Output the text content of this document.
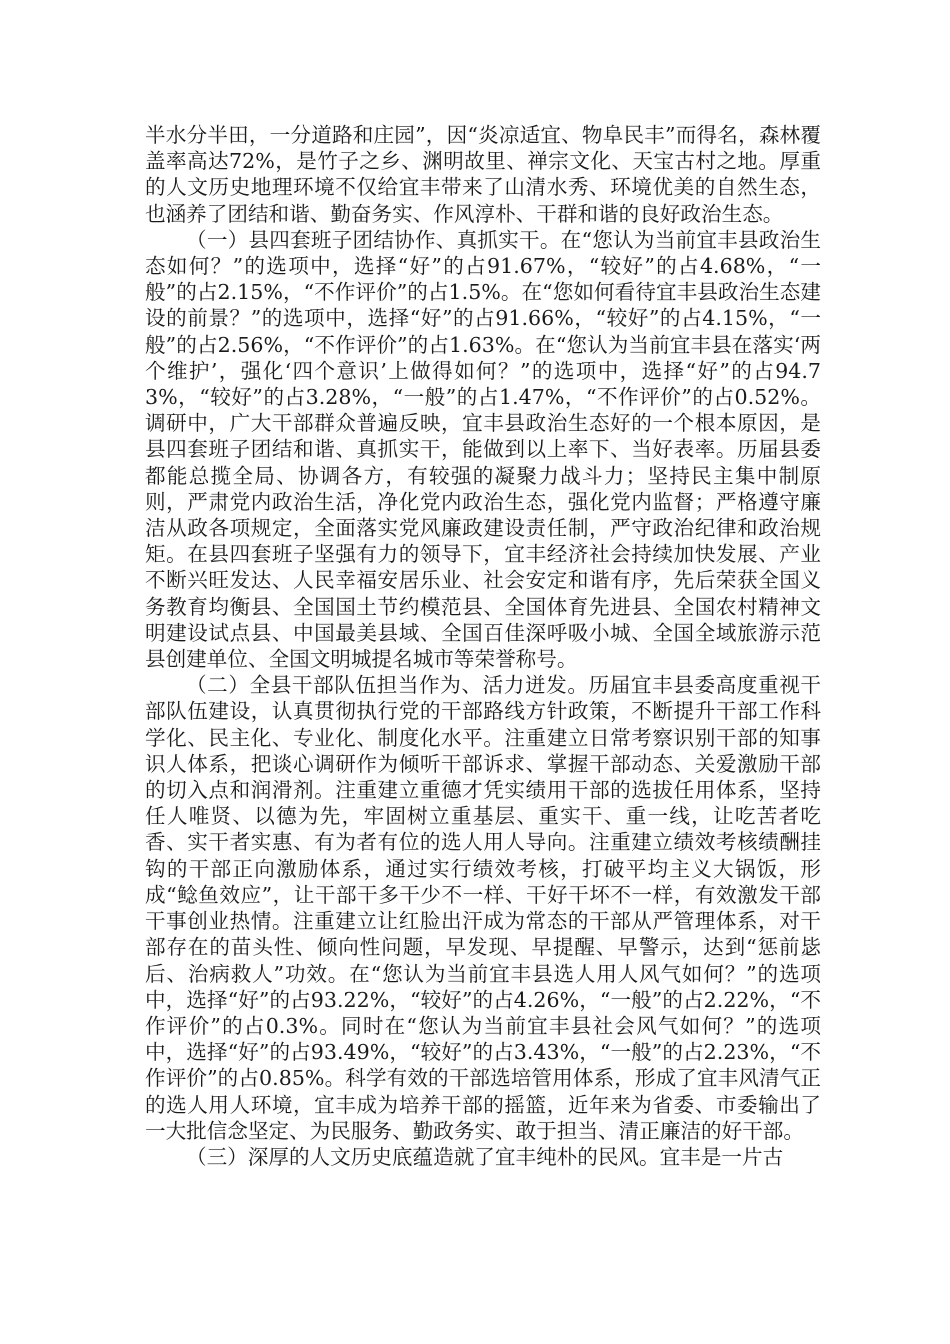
半水分半田，一分道路和庄园”，因“炎凉适宜、物阜民丰”而得名，森林覆盖率高达72%，是竹子之乡、渊明故里、禅宗文化、天宝古村之地。厚重的人文历史地理环境不仅给宜丰带来了山清水秀、环境优美的自然生态，也涵养了团结和谐、勤奋务实、作风淳朴、干群和谐的良好政治生态。

（一）县四套班子团结协作、真抓实干。在“您认为当前宜丰县政治生态如何？”的选项中，选择“好”的占91.67%，“较好”的占4.68%，“一般”的占2.15%，“不作评价”的占1.5%。在“您如何看待宜丰县政治生态建设的前景？”的选项中，选择“好”的占91.66%，“较好”的占4.15%，“一般”的占2.56%，“不作评价”的占1.63%。在“您认为当前宜丰县在落实‘两个维护’，强化‘四个意识’上做得如何？”的选项中，选择“好”的占94.73%，“较好”的占3.28%，“一般”的占1.47%，“不作评价”的占0.52%。调研中，广大干部群众普遍反映，宜丰县政治生态好的一个根本原因，是县四套班子团结和谐、真抓实干，能做到以上率下、当好表率。历届县委都能总揽全局、协调各方，有较强的凝聚力战斗力；坚持民主集中制原则，严肃党内政治生活，净化党内政治生态，强化党内监督；严格遵守廉洁从政各项规定，全面落实党风廉政建设责任制，严守政治纪律和政治规矩。在县四套班子坚强有力的领导下，宜丰经济社会持续加快发展、产业不断兴旺发达、人民幸福安居乐业、社会安定和谐有序，先后荣获全国义务教育均衡县、全国国土节约模范县、全国体育先进县、全国农村精神文明建设试点县、中国最美县域、全国百佳深呼吸小城、全国全域旅游示范县创建单位、全国文明城提名城市等荣誉称号。

（二）全县干部队伍担当作为、活力迸发。历届宜丰县委高度重视干部队伍建设，认真贯彻执行党的干部路线方针政策，不断提升干部工作科学化、民主化、专业化、制度化水平。注重建立日常考察识别干部的知事识人体系，把谈心调研作为倾听干部诉求、掌握干部动态、关爱激励干部的切入点和润滑剂。注重建立重德才凭实绩用干部的选拔任用体系，坚持任人唯贤、以德为先，牢固树立重基层、重实干、重一线，让吃苦者吃香、实干者实惠、有为者有位的选人用人导向。注重建立绩效考核绩酬挂钩的干部正向激励体系，通过实行绩效考核，打破平均主义大锅饭，形成“鲶鱼效应”，让干部干多干少不一样、干好干坏不一样，有效激发干部干事创业热情。注重建立让红脸出汗成为常态的干部从严管理体系，对干部存在的苗头性、倾向性问题，早发现、早提醒、早警示，达到“惩前毖后、治病救人”功效。在“您认为当前宜丰县选人用人风气如何？”的选项中，选择“好”的占93.22%，“较好”的占4.26%，“一般”的占2.22%，“不作评价”的占0.3%。同时在“您认为当前宜丰县社会风气如何？”的选项中，选择“好”的占93.49%，“较好”的占3.43%，“一般”的占2.23%，“不作评价”的占0.85%。科学有效的干部选培管用体系，形成了宜丰风清气正的选人用人环境，宜丰成为培养干部的摇篮，近年来为省委、市委输出了一大批信念坚定、为民服务、勤政务实、敢于担当、清正廉洁的好干部。

（三）深厚的人文历史底蕴造就了宜丰纯朴的民风。宜丰是一片古
